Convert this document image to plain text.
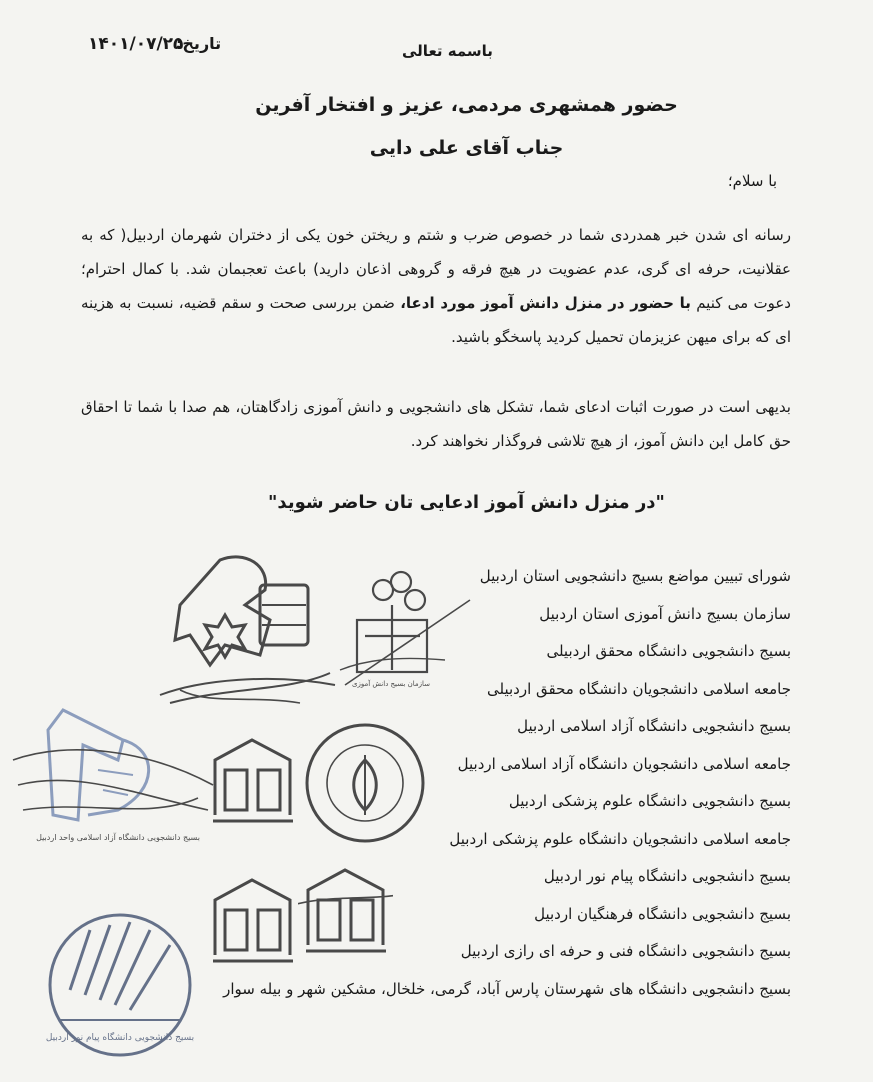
تاریخ:
۱۴۰۱/۰۷/۲۵	باسمه تعالی
حضور همشهری مردمی، عزیز و افتخار آفرین
جناب آقای علی دایی
با سلام؛
رسانه ای شدن خبر همدردی شما در خصوص ضرب و شتم و ریختن خون یکی از دختران شهرمان اردبیل( که به عقلانیت، حرفه ای گری، عدم عضویت در هیچ فرقه و گروهی اذعان دارید) باعث تعجبمان شد. با کمال احترام؛ دعوت می کنیم با حضور در منزل دانش آموز مورد ادعا، ضمن بررسی صحت و سقم قضیه، نسبت به هزینه ای که برای میهن عزیزمان تحمیل کردید پاسخگو باشید.
بدیهی است در صورت اثبات ادعای شما، تشکل های دانشجویی و دانش آموزی زادگاهتان، هم صدا با شما تا احقاق حق کامل این دانش آموز، از هیچ تلاشی فروگذار نخواهند کرد.
"در منزل دانش آموز ادعایی تان حاضر شوید"
شورای تبیین مواضع بسیج دانشجویی استان اردبیل
سازمان بسیج دانش آموزی استان اردبیل
بسیج دانشجویی دانشگاه محقق اردبیلی
جامعه اسلامی دانشجویان دانشگاه محقق اردبیلی
بسیج دانشجویی دانشگاه آزاد اسلامی اردبیل
جامعه اسلامی دانشجویان دانشگاه آزاد اسلامی اردبیل
بسیج دانشجویی دانشگاه علوم پزشکی اردبیل
جامعه اسلامی دانشجویان دانشگاه علوم پزشکی اردبیل
بسیج دانشجویی دانشگاه پیام نور اردبیل
بسیج دانشجویی دانشگاه فرهنگیان اردبیل
بسیج دانشجویی دانشگاه فنی و حرفه ای رازی اردبیل
بسیج دانشجویی دانشگاه های شهرستان پارس آباد، گرمی، خلخال، مشکین شهر و بیله سوار
سازمان بسیج دانش آموزی
بسیج دانشجویی دانشگاه آزاد اسلامی واحد اردبیل
بسیج دانشجویی دانشگاه پیام نور اردبیل
